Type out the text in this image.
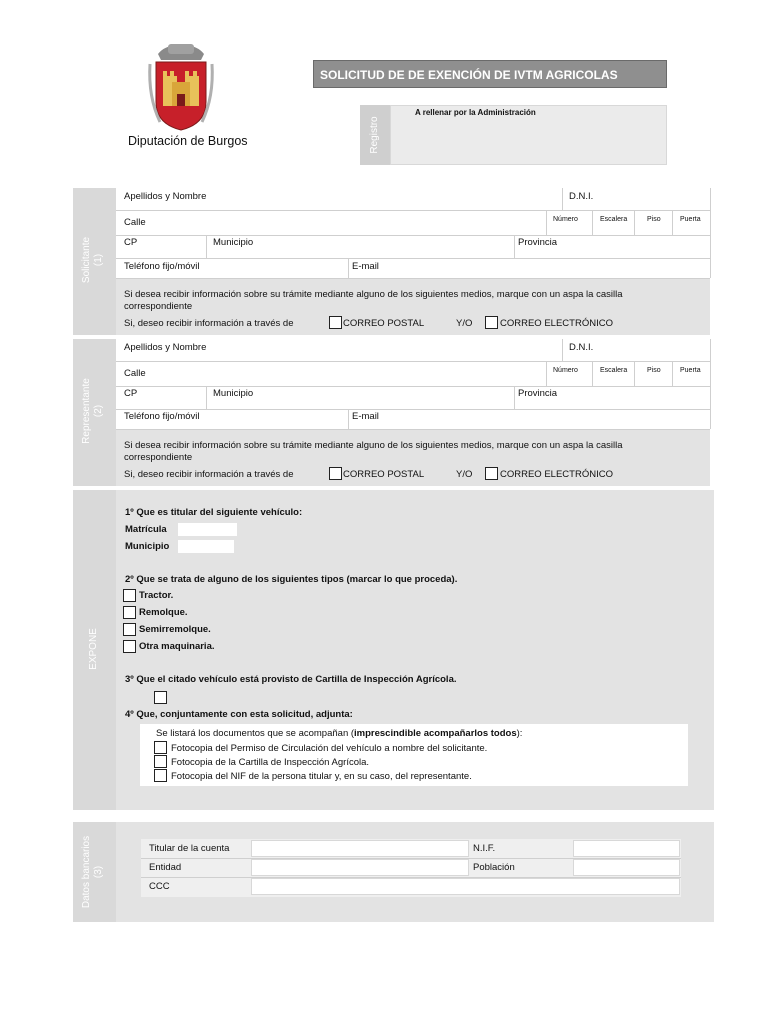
Diputación de Burgos
SOLICITUD DE DE EXENCIÓN DE IVTM AGRICOLAS
Registro
A rellenar por la Administración
Solicitante (1)
Apellidos y Nombre	D.N.I.
Calle	Número	Escalera	Piso	Puerta
CP	Municipio	Provincia
Teléfono fijo/móvil	E-mail
Si desea recibir información sobre su trámite mediante alguno de los siguientes medios, marque con un aspa la casilla
correspondiente
Si, deseo recibir información a través de	CORREO POSTAL	Y/O	CORREO ELECTRÓNICO
Representante (2)
Apellidos y Nombre	D.N.I.
Calle	Número	Escalera	Piso	Puerta
CP	Municipio	Provincia
Teléfono fijo/móvil	E-mail
Si desea recibir información sobre su trámite mediante alguno de los siguientes medios, marque con un aspa la casilla
correspondiente
Si, deseo recibir información a través de	CORREO POSTAL	Y/O	CORREO ELECTRÓNICO
EXPONE
1º Que es titular del siguiente vehículo:
Matrícula
Municipio
2º Que se trata de alguno de los siguientes tipos (marcar lo que proceda).
Tractor.
Remolque.
Semirremolque.
Otra maquinaria.
3º Que el citado vehículo está provisto de Cartilla de Inspección Agrícola.
4º Que, conjuntamente con esta solicitud, adjunta:
Se listará los documentos que se acompañan (imprescindible acompañarlos todos):
Fotocopia del Permiso de Circulación del vehículo a nombre del solicitante.
Fotocopia de la Cartilla de Inspección Agrícola.
Fotocopia del NIF de la persona titular y, en su caso, del representante.
Datos bancarios (3)
Titular de la cuenta	N.I.F.
Entidad	Población
CCC
